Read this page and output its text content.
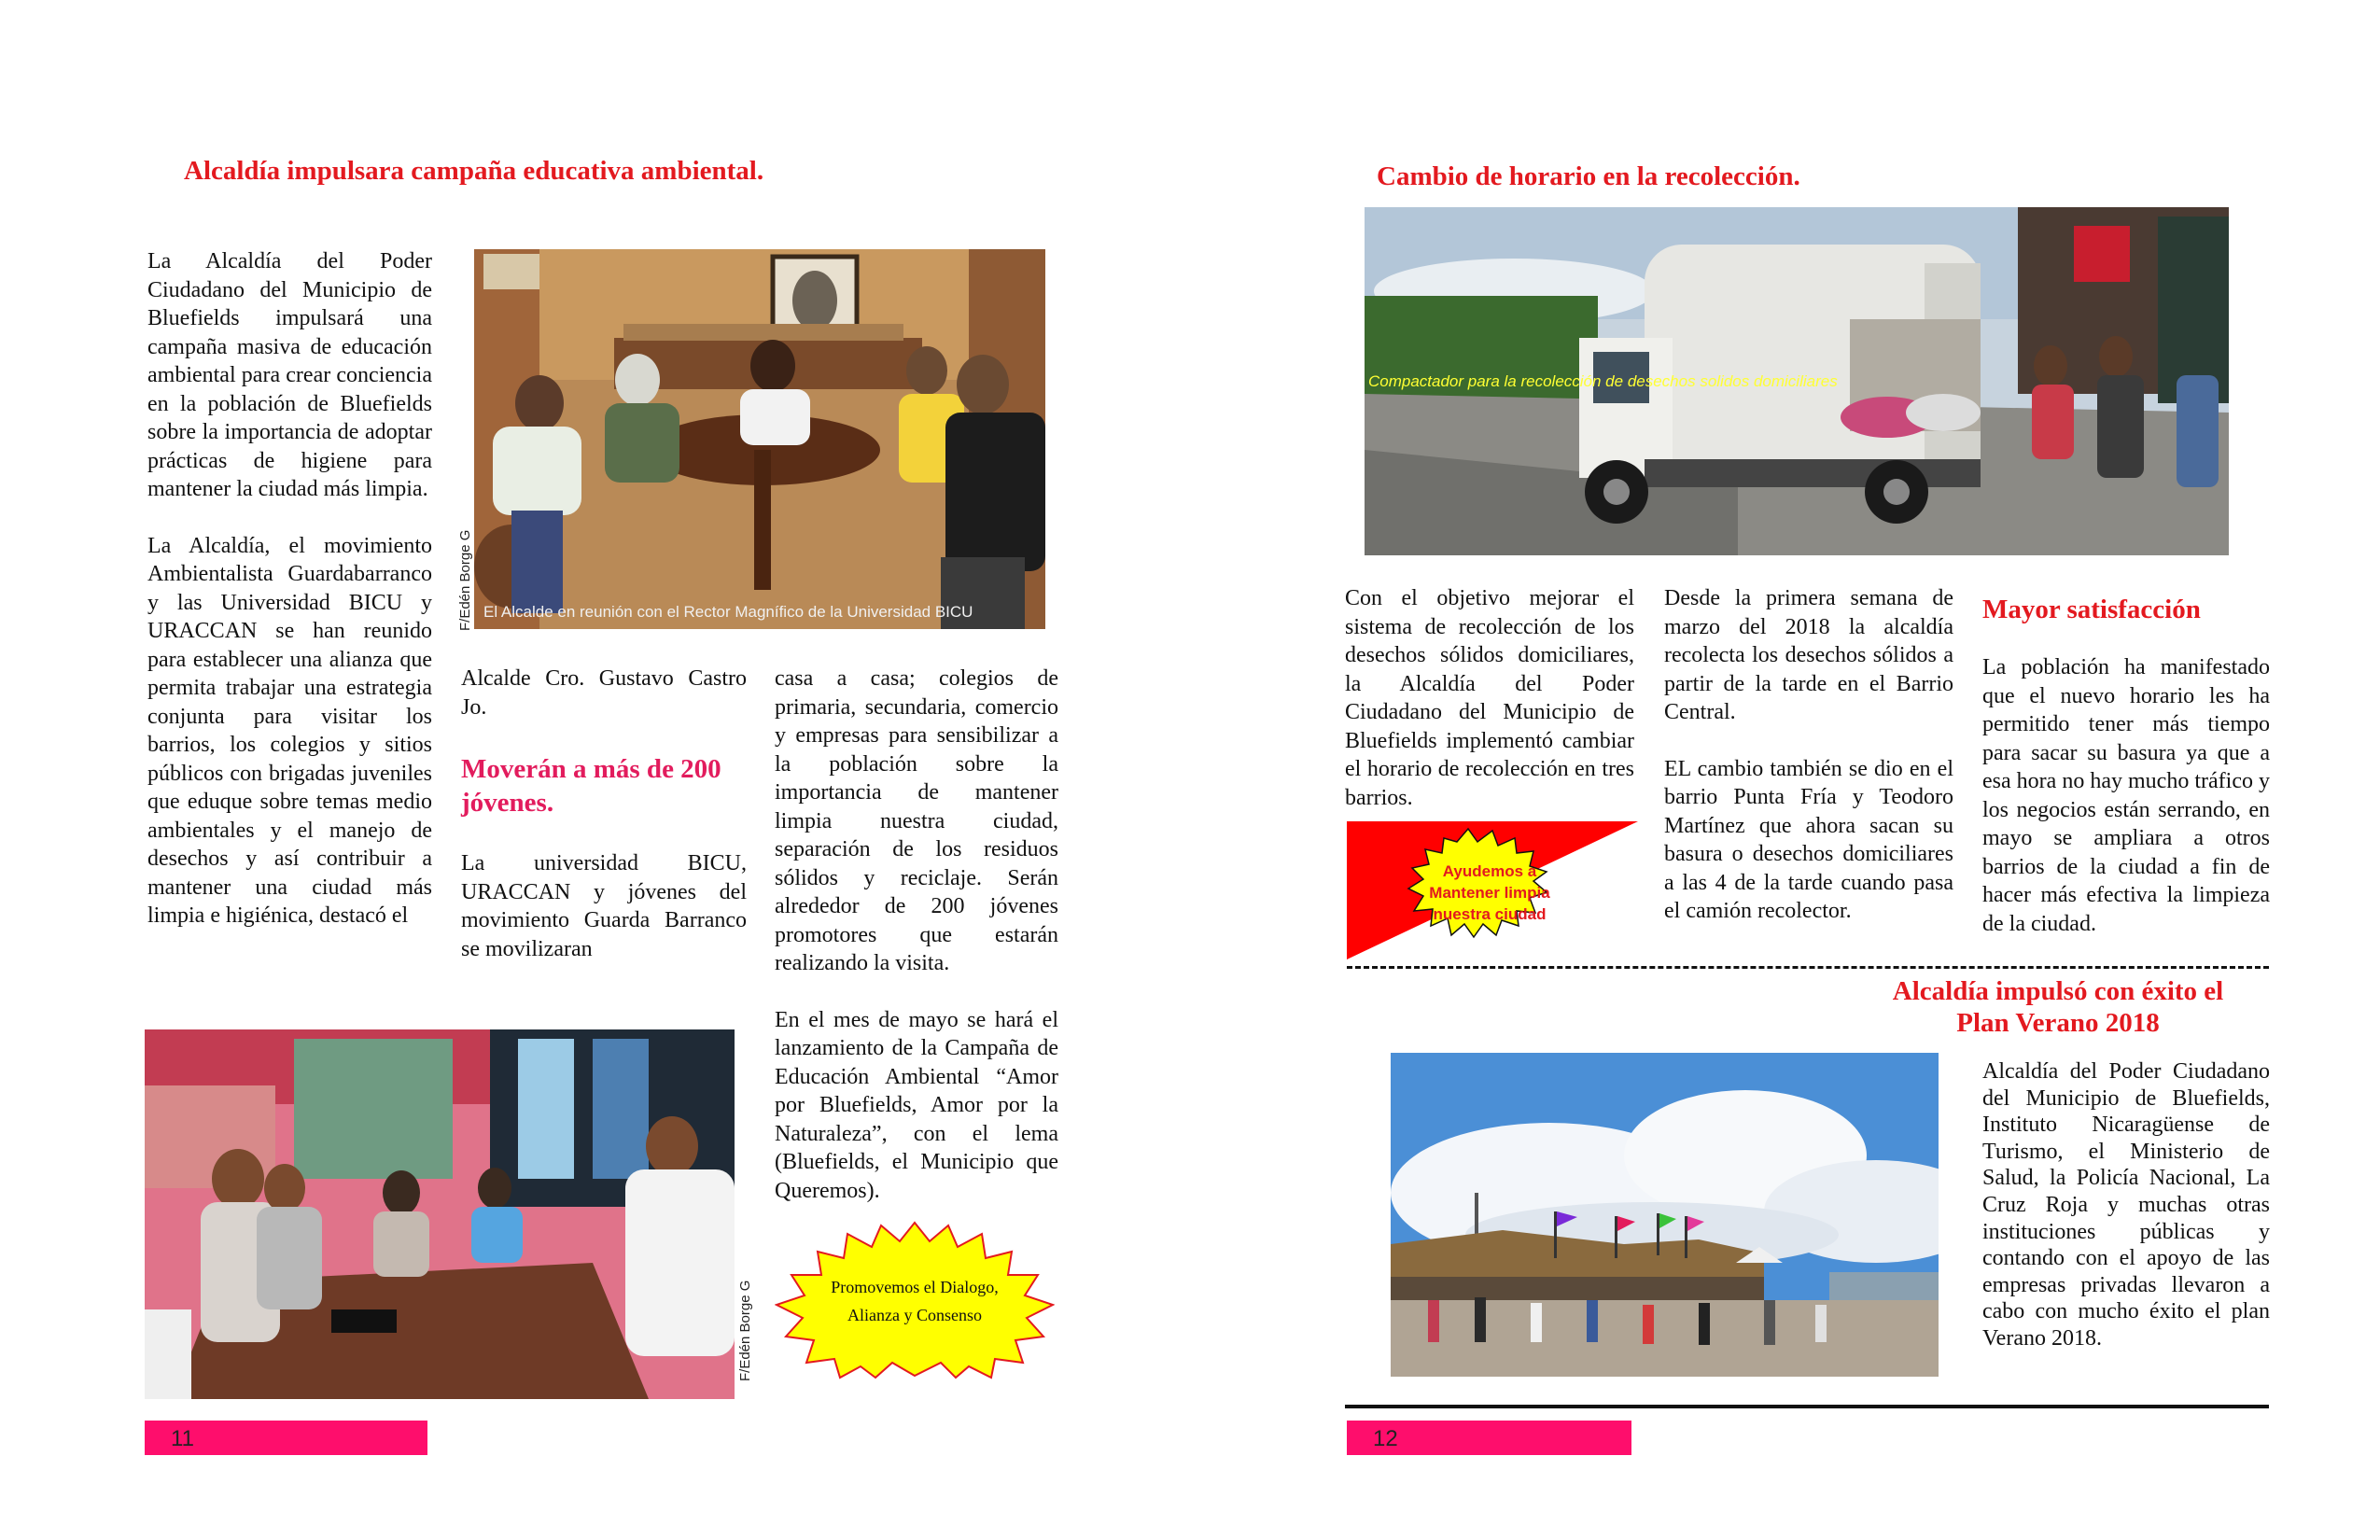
Alcaldía impulsara campaña educativa ambiental.

La Alcaldía del Poder Ciudadano del Municipio de Bluefields impulsará una campaña masiva de educación ambiental para crear conciencia en la población de Bluefields sobre la importancia de adoptar prácticas de higiene para mantener la ciudad más limpia.

La Alcaldía, el movimiento Ambientalista Guardabarranco y las Universidad BICU y URACCAN se han reunido para establecer una alianza que permita trabajar una estrategia conjunta para visitar los barrios, los colegios y sitios públicos con brigadas juveniles que eduque sobre temas medio ambientales y el manejo de desechos y así contribuir a mantener una ciudad más limpia e higiénica, destacó el

El Alcalde en reunión con el Rector Magnífico de la Universidad BICU
F/Edén Borge G

Alcalde Cro. Gustavo Castro Jo.

Moverán a más de 200 jóvenes.

La universidad BICU, URACCAN y jóvenes del movimiento Guarda Barranco se movilizaran

casa a casa; colegios de primaria, secundaria, comercio y empresas para sensibilizar a la población sobre la importancia de mantener limpia nuestra ciudad, separación de los residuos sólidos y reciclaje. Serán alrededor de 200 jóvenes promotores que estarán realizando la visita.

En el mes de mayo se hará el lanzamiento de la Campaña de Educación Ambiental “Amor por Bluefields, Amor por la Naturaleza”, con el lema (Bluefields, el Municipio que Queremos).

F/Edén Borge G	Promovemos el Dialogo,
Alianza y Consenso
11
Cambio de horario en la recolección.
Compactador para la recolección de desechos solidos domiciliares

Con el objetivo mejorar el sistema de recolección de los desechos sólidos domiciliares, la Alcaldía del Poder Ciudadano del Municipio de Bluefields implementó cambiar el horario de recolección en tres barrios.

Ayudemos a
Mantener limpia
nuestra ciudad

Desde la primera semana de marzo del 2018 la alcaldía recolecta los desechos sólidos a partir de la tarde en el Barrio Central.

EL cambio también se dio en el barrio Punta Fría y Teodoro Martínez que ahora sacan su basura o desechos domiciliares a las 4 de la tarde cuando pasa el camión recolector.

Mayor satisfacción

La población ha manifestado que el nuevo horario les ha permitido tener más tiempo para sacar su basura ya que a esa hora no hay mucho tráfico y los negocios están serrando, en mayo se ampliara a otros barrios de la ciudad a fin de hacer más efectiva la limpieza de la ciudad.

Alcaldía impulsó con éxito el
Plan Verano 2018

Alcaldía del Poder Ciudadano del Municipio de Bluefields, Instituto Nicaragüense de Turismo, el Ministerio de Salud, la Policía Nacional, La Cruz Roja y muchas otras instituciones públicas y contando con el apoyo de las empresas privadas llevaron a cabo con mucho éxito el plan Verano 2018.

12
